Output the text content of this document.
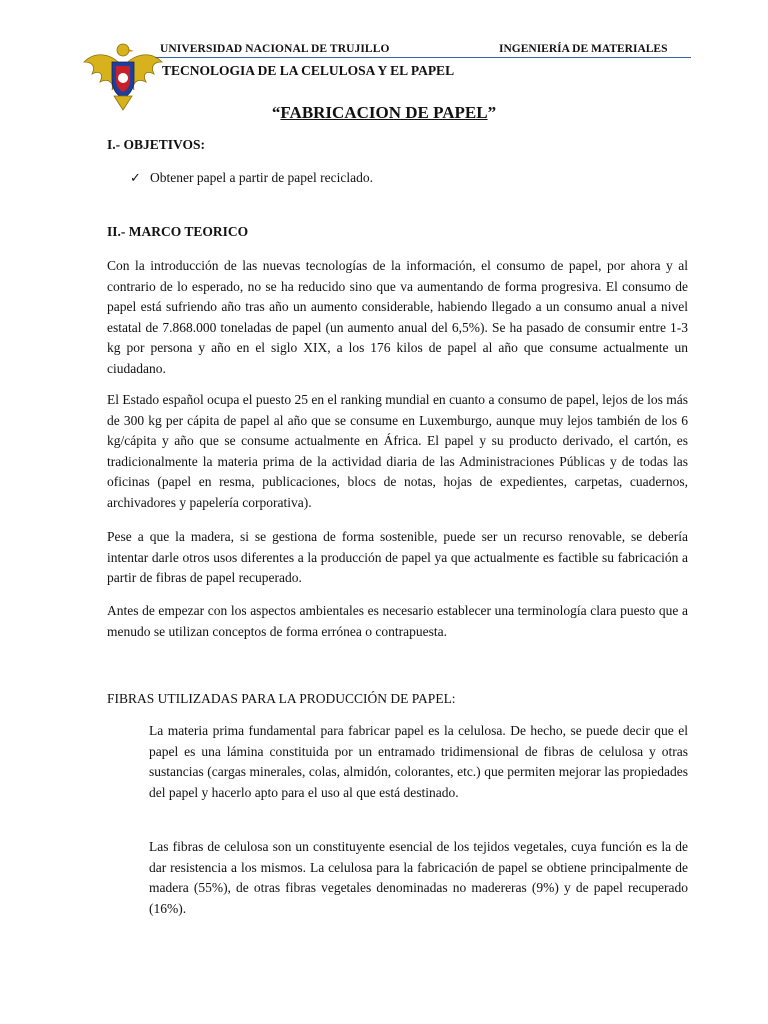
UNIVERSIDAD NACIONAL DE TRUJILLO	INGENIERÍA DE MATERIALES
TECNOLOGIA DE LA CELULOSA Y EL PAPEL
“FABRICACION DE PAPEL”
I.- OBJETIVOS:
✓ Obtener papel a partir de papel reciclado.
II.- MARCO TEORICO

Con la introducción de las nuevas tecnologías de la información, el consumo de papel, por ahora y al contrario de lo esperado, no se ha reducido sino que va aumentando de forma progresiva. El consumo de papel está sufriendo año tras año un aumento considerable, habiendo llegado a un consumo anual a nivel estatal de 7.868.000 toneladas de papel (un aumento anual del 6,5%). Se ha pasado de consumir entre 1-3 kg por persona y año en el siglo XIX, a los 176 kilos de papel al año que consume actualmente un ciudadano.

El Estado español ocupa el puesto 25 en el ranking mundial en cuanto a consumo de papel, lejos de los más de 300 kg per cápita de papel al año que se consume en Luxemburgo, aunque muy lejos también de los 6 kg/cápita y año que se consume actualmente en África. El papel y su producto derivado, el cartón, es tradicionalmente la materia prima de la actividad diaria de las Administraciones Públicas y de todas las oficinas (papel en resma, publicaciones, blocs de notas, hojas de expedientes, carpetas, cuadernos, archivadores y papelería corporativa).

Pese a que la madera, si se gestiona de forma sostenible, puede ser un recurso renovable, se debería intentar darle otros usos diferentes a la producción de papel ya que actualmente es factible su fabricación a partir de fibras de papel recuperado.

Antes de empezar con los aspectos ambientales es necesario establecer una terminología clara puesto que a menudo se utilizan conceptos de forma errónea o contrapuesta.

FIBRAS UTILIZADAS PARA LA PRODUCCIÓN DE PAPEL:

La materia prima fundamental para fabricar papel es la celulosa. De hecho, se puede decir que el papel es una lámina constituida por un entramado tridimensional de fibras de celulosa y otras sustancias (cargas minerales, colas, almidón, colorantes, etc.) que permiten mejorar las propiedades del papel y hacerlo apto para el uso al que está destinado.

Las fibras de celulosa son un constituyente esencial de los tejidos vegetales, cuya función es la de dar resistencia a los mismos. La celulosa para la fabricación de papel se obtiene principalmente de madera (55%), de otras fibras vegetales denominadas no madereras (9%) y de papel recuperado (16%).
